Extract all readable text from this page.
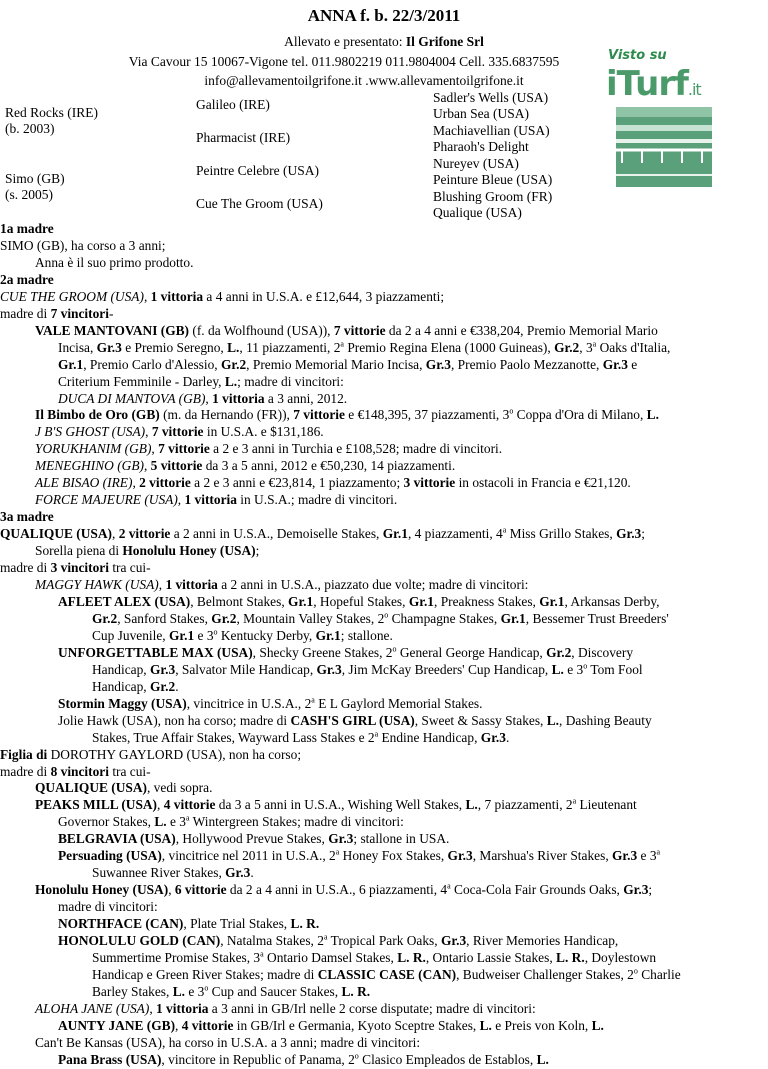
ANNA f. b. 22/3/2011
Allevato e presentato: Il Grifone Srl
Via Cavour 15 10067-Vigone tel. 011.9802219 011.9804004 Cell. 335.6837595
info@allevamentoilgrifone.it .www.allevamentoilgrifone.it
Visto su
iTurf.it
Red Rocks (IRE)
(b. 2003)
Simo (GB)
(s. 2005)
Galileo (IRE)
Pharmacist (IRE)
Peintre Celebre (USA)
Cue The Groom (USA)
Sadler's Wells (USA)
Urban Sea (USA)
Machiavellian (USA)
Pharaoh's Delight
Nureyev (USA)
Peinture Bleue (USA)
Blushing Groom (FR)
Qualique (USA)

1a madre

SIMO (GB), ha corso a 3 anni;

Anna è il suo primo prodotto.

2a madre

CUE THE GROOM (USA), 1 vittoria a 4 anni in U.S.A. e £12,644, 3 piazzamenti;

madre di 7 vincitori-

VALE MANTOVANI (GB) (f. da Wolfhound (USA)), 7 vittorie da 2 a 4 anni e €338,204, Premio Memorial Mario

Incisa, Gr.3 e Premio Seregno, L., 11 piazzamenti, 2$^a$ Premio Regina Elena (1000 Guineas), Gr.2, 3$^a$ Oaks d'Italia,

Gr.1, Premio Carlo d'Alessio, Gr.2, Premio Memorial Mario Incisa, Gr.3, Premio Paolo Mezzanotte, Gr.3 e

Criterium Femminile - Darley, L.; madre di vincitori:

DUCA DI MANTOVA (GB), 1 vittoria a 3 anni, 2012.

Il Bimbo de Oro (GB) (m. da Hernando (FR)), 7 vittorie e €148,395, 37 piazzamenti, 3$^o$ Coppa d'Ora di Milano, L.

J B'S GHOST (USA), 7 vittorie in U.S.A. e $131,186.

YORUKHANIM (GB), 7 vittorie a 2 e 3 anni in Turchia e £108,528; madre di vincitori.

MENEGHINO (GB), 5 vittorie da 3 a 5 anni, 2012 e €50,230, 14 piazzamenti.

ALE BISAO (IRE), 2 vittorie a 2 e 3 anni e €23,814, 1 piazzamento; 3 vittorie in ostacoli in Francia e €21,120.

FORCE MAJEURE (USA), 1 vittoria in U.S.A.; madre di vincitori.

3a madre

QUALIQUE (USA), 2 vittorie a 2 anni in U.S.A., Demoiselle Stakes, Gr.1, 4 piazzamenti, 4$^a$ Miss Grillo Stakes, Gr.3;

Sorella piena di Honolulu Honey (USA);

madre di 3 vincitori tra cui-

MAGGY HAWK (USA), 1 vittoria a 2 anni in U.S.A., piazzato due volte; madre di vincitori:

AFLEET ALEX (USA), Belmont Stakes, Gr.1, Hopeful Stakes, Gr.1, Preakness Stakes, Gr.1, Arkansas Derby,

Gr.2, Sanford Stakes, Gr.2, Mountain Valley Stakes, 2$^o$ Champagne Stakes, Gr.1, Bessemer Trust Breeders'

Cup Juvenile, Gr.1 e 3$^o$ Kentucky Derby, Gr.1; stallone.

UNFORGETTABLE MAX (USA), Shecky Greene Stakes, 2$^o$ General George Handicap, Gr.2, Discovery

Handicap, Gr.3, Salvator Mile Handicap, Gr.3, Jim McKay Breeders' Cup Handicap, L. e 3$^o$ Tom Fool

Handicap, Gr.2.

Stormin Maggy (USA), vincitrice in U.S.A., 2$^a$ E L Gaylord Memorial Stakes.

Jolie Hawk (USA), non ha corso; madre di CASH'S GIRL (USA), Sweet & Sassy Stakes, L., Dashing Beauty

Stakes, True Affair Stakes, Wayward Lass Stakes e 2$^a$ Endine Handicap, Gr.3.

Figlia di DOROTHY GAYLORD (USA), non ha corso;

madre di 8 vincitori tra cui-

QUALIQUE (USA), vedi sopra.

PEAKS MILL (USA), 4 vittorie da 3 a 5 anni in U.S.A., Wishing Well Stakes, L., 7 piazzamenti, 2$^a$ Lieutenant

Governor Stakes, L. e 3$^a$ Wintergreen Stakes; madre di vincitori:

BELGRAVIA (USA), Hollywood Prevue Stakes, Gr.3; stallone in USA.

Persuading (USA), vincitrice nel 2011 in U.S.A., 2$^a$ Honey Fox Stakes, Gr.3, Marshua's River Stakes, Gr.3 e 3$^a$

Suwannee River Stakes, Gr.3.

Honolulu Honey (USA), 6 vittorie da 2 a 4 anni in U.S.A., 6 piazzamenti, 4$^a$ Coca-Cola Fair Grounds Oaks, Gr.3;

madre di vincitori:

NORTHFACE (CAN), Plate Trial Stakes, L. R.

HONOLULU GOLD (CAN), Natalma Stakes, 2$^a$ Tropical Park Oaks, Gr.3, River Memories Handicap,

Summertime Promise Stakes, 3$^a$ Ontario Damsel Stakes, L. R., Ontario Lassie Stakes, L. R., Doylestown

Handicap e Green River Stakes; madre di CLASSIC CASE (CAN), Budweiser Challenger Stakes, 2$^o$ Charlie

Barley Stakes, L. e 3$^o$ Cup and Saucer Stakes, L. R.

ALOHA JANE (USA), 1 vittoria a 3 anni in GB/Irl nelle 2 corse disputate; madre di vincitori:

AUNTY JANE (GB), 4 vittorie in GB/Irl e Germania, Kyoto Sceptre Stakes, L. e Preis von Koln, L.

Can't Be Kansas (USA), ha corso in U.S.A. a 3 anni; madre di vincitori:

Pana Brass (USA), vincitore in Republic of Panama, 2$^o$ Clasico Empleados de Establos, L.
